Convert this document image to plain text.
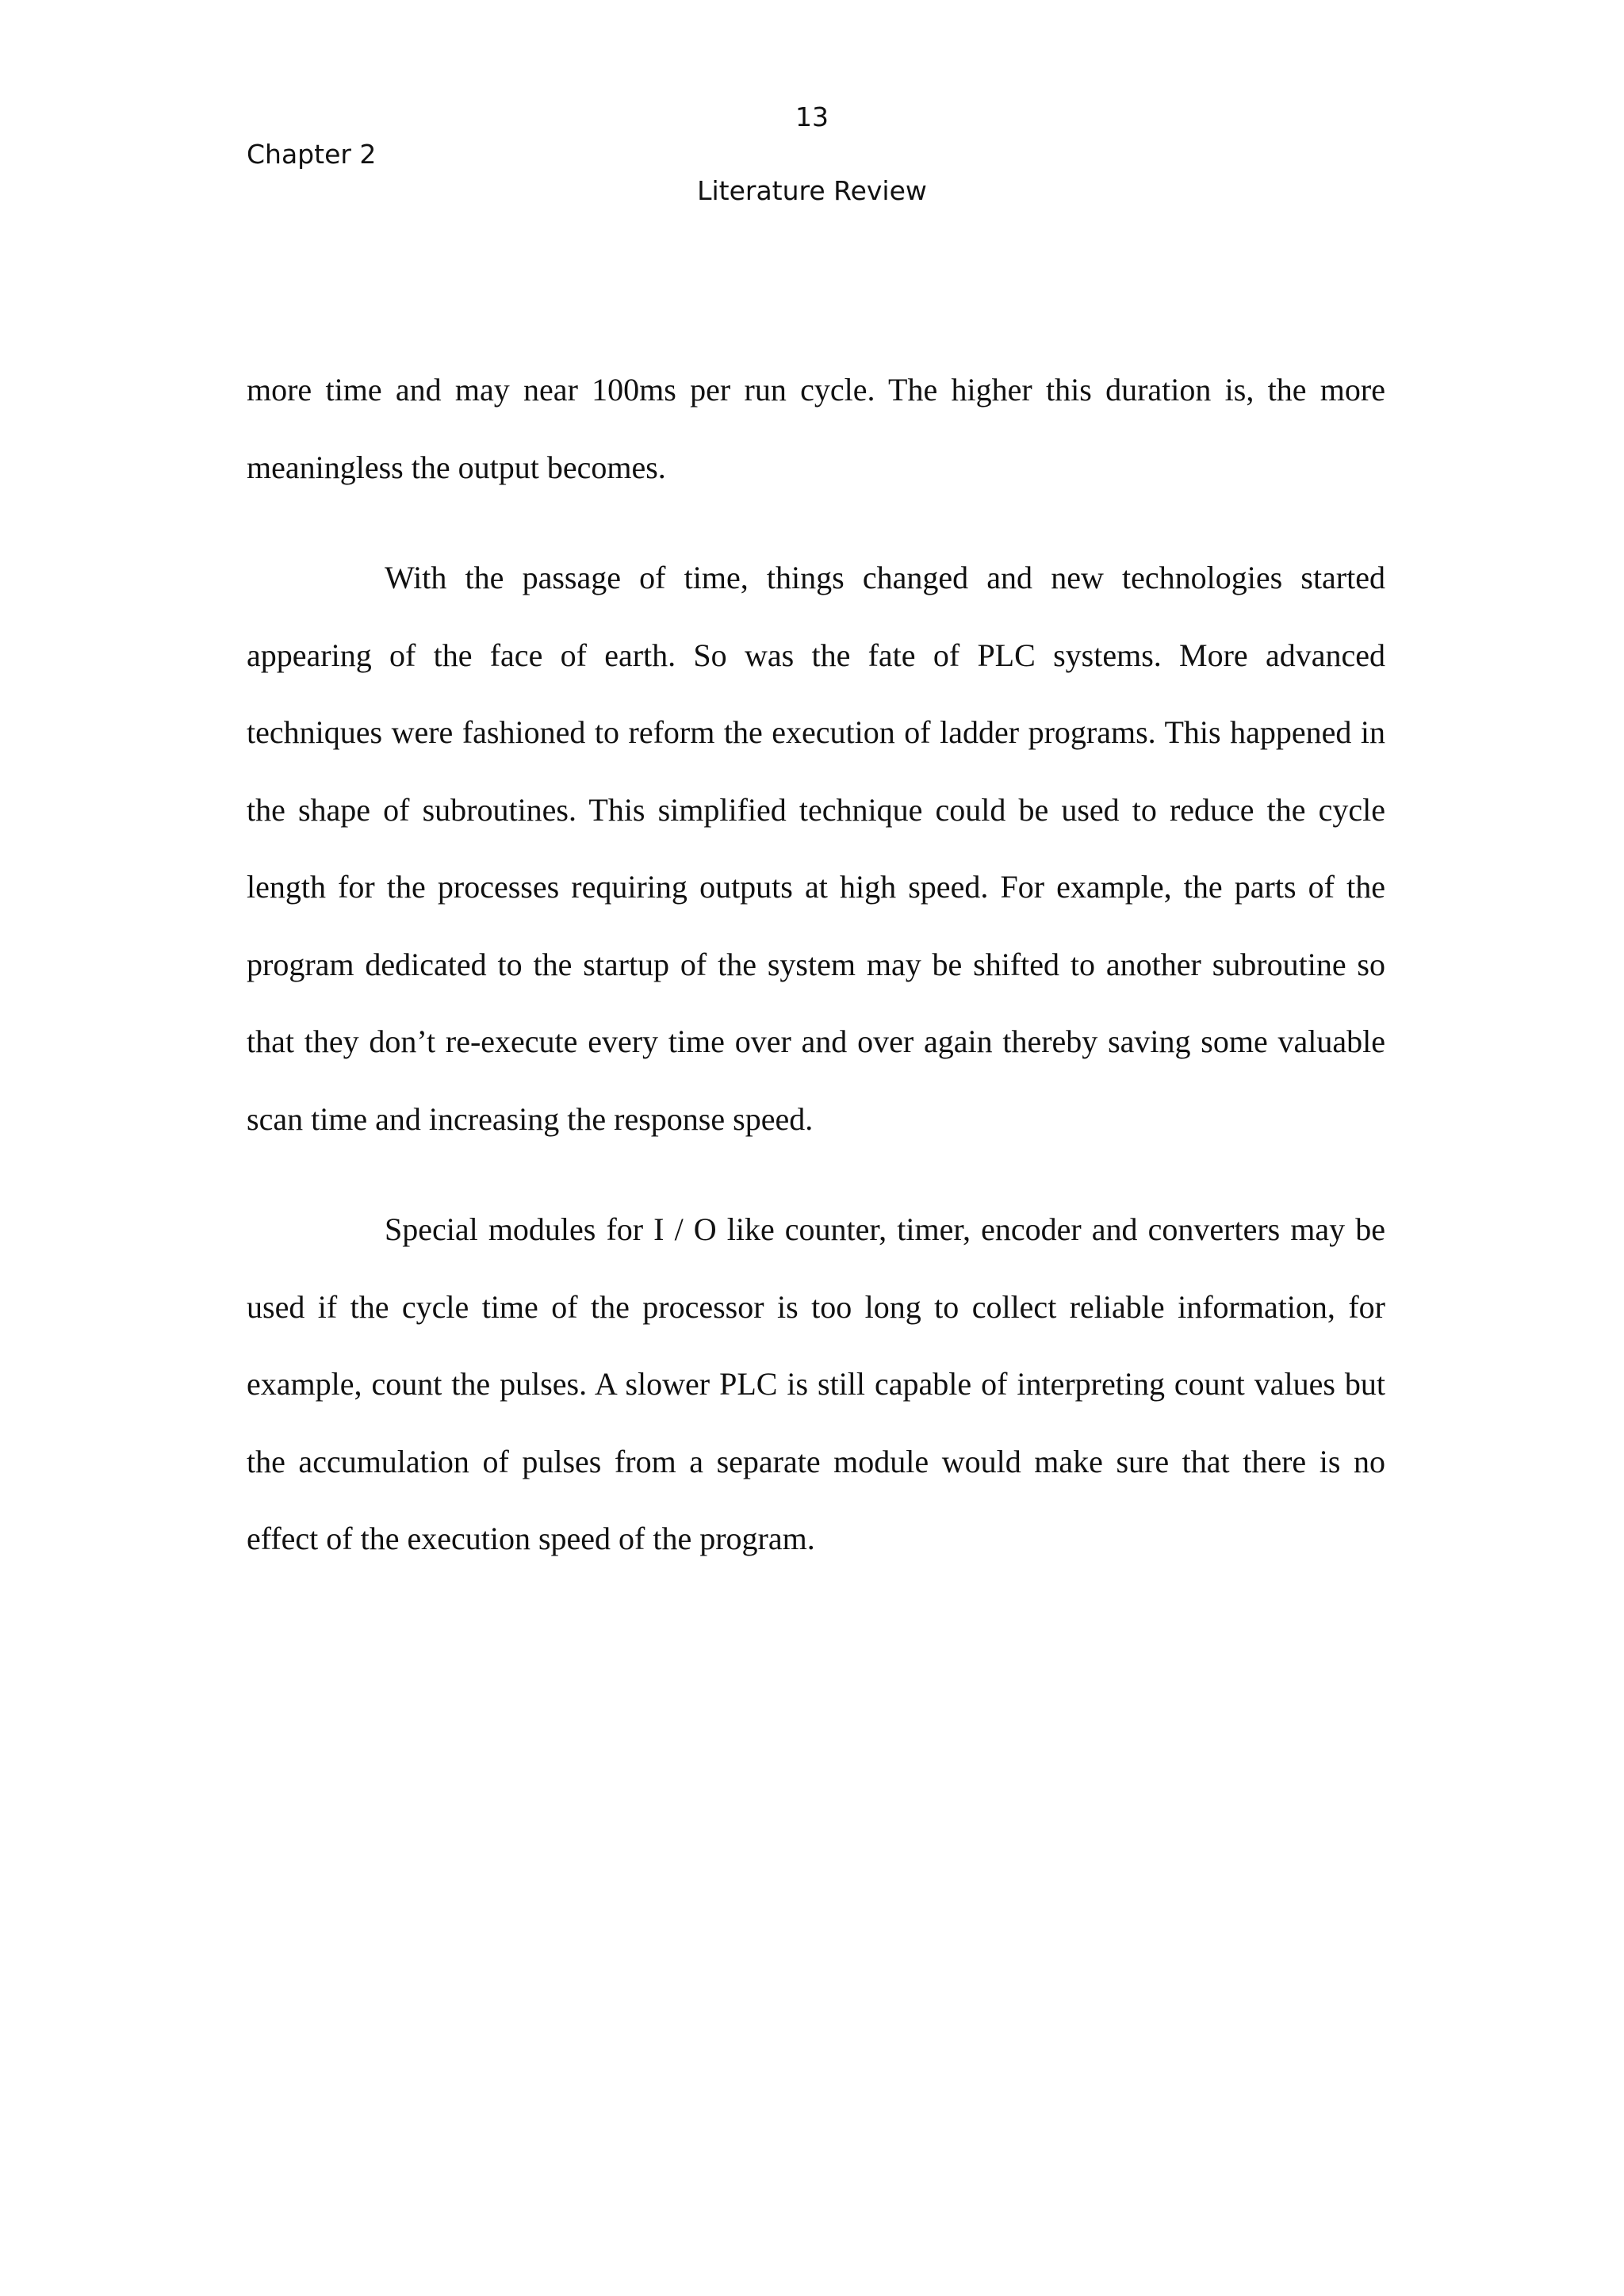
13
Chapter 2
Literature Review

more time and may near 100ms per run cycle. The higher this duration is, the more meaningless the output becomes.

With the passage of time, things changed and new technologies started appearing of the face of earth. So was the fate of PLC systems. More advanced techniques were fashioned to reform the execution of ladder programs. This happened in the shape of subroutines. This simplified technique could be used to reduce the cycle length for the processes requiring outputs at high speed. For example, the parts of the program dedicated to the startup of the system may be shifted to another subroutine so that they don’t re-execute every time over and over again thereby saving some valuable scan time and increasing the response speed.

Special modules for I / O like counter, timer, encoder and converters may be used if the cycle time of the processor is too long to collect reliable information, for example, count the pulses. A slower PLC is still capable of interpreting count values but the accumulation of pulses from a separate module would make sure that there is no effect of the execution speed of the program.
